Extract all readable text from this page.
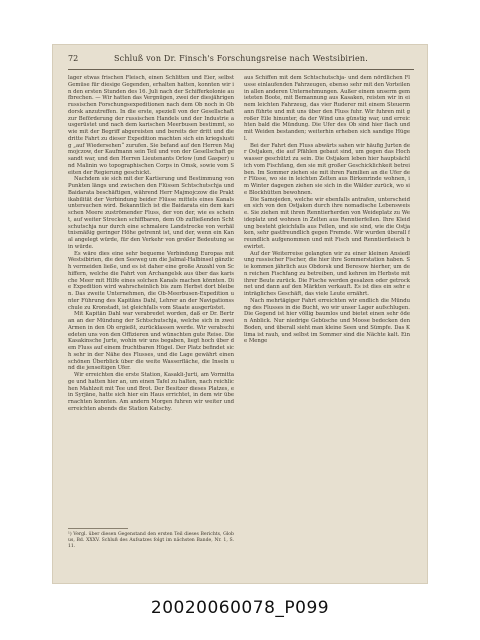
72	Schluß von Dr. Finsch's Forschungsreise nach Westsibirien.

lager etwas frischen Fleisch, einen Schlitten und Eier, selbst Gemüse für diesige Gegenden, erhalten hatten, konnten wir in den ersten Stunden des 16. Juli nach der Schifferkolonie aufbrechen. — Wir hatten das Vergnügen, zwei der diesjährigen russischen Forschungsexpeditionen nach dem Ob noch in Obdorsk anzutreffen. In die erste, speziell von der Gesellschaft zur Beförderung der russischen Handels und der Industrie ausgerüstet und nach dem karischen Meerbusen bestimmt, sowie mit der Begriff abgereisten und bereits der dritt und die dritte Fahrt zu dieser Expedition machten sich ein kriegslustig „auf Wiedersehen“ zurufen. Sie befand auf den Herren Majmojczow, der Kaufmann sein Teil und von der Gesellschaft gesandt war, und den Herren Lieutenants Orlow (und Gasper) und Malinin wo topographischen Corps in Omsk, sowie vom Seiten der Regierung geschickt.

Nachdem sie sich mit der Kartierung und Bestimmung von Punkten längs und zwischen den Flüssen Schtschutschja und Baidarata beschäftigen, während Herr Majmojczow die Praktikabilität der Verbindung beider Flüsse mittels eines Kanals untersuchen wird. Bekanntlich ist die Baidarata ein dem karischen Meere zuströmender Fluss, der von der, wie es scheint, auf weiter Strecken schiffbaren, dem Ob zufließenden Schtschutschja nur durch eine schmalere Landstrecke von verhältnismäßig geringer Höhe getrennt ist, und der, wenn ein Kanal angelegt würde, für den Verkehr von großer Bedeutung sein würde.

Es wäre dies eine sehr bequeme Verbindung Europas mit Westsibirien, die den Seeweg um die Jalmal-Halbinsel gänzlich vermeiden ließe, und es ist daher eine große Anzahl von Schiffern, welche die Fahrt von Archangelsk aus über das karische Meer mit Hilfe eines solchen Kanals machen könnten. Die Expedition wird wahrscheinlich bis zum Herbst dort bleiben. Das zweite Unternehmen, die Ob-Meerbusen-Expedition unter Führung des Kapitäns Dahl, Lehrer an der Navigationsschule zu Kronstadt, ist gleichfalls vom Staate ausgerüstet.

Mit Kapitän Dahl war verabredet worden, daß er Dr. Bertran an der Mündung der Schtschutschja, welche sich in zwei Armen in den Ob ergießt, zurücklassen werde. Wir verabschiedeten uns von den Offizieren und wünschten gute Reise. Die Kasakinsche Jurte, wohin wir uns begaben, liegt hoch über dem Fluss auf einem fruchtbaren Hügel. Der Platz befindet sich sehr in der Nähe des Flusses, und die Lage gewährt einen schönen Überblick über die weite Wasserfläche, die Inseln und die jenseitigen Ufer.

Wir erreichten die erste Station, Kasakli-Jurti, am Vormittage und hatten hier an, um einen Tafel zu halten, nach reichlichen Mahlzeit mit Tee und Brot. Der Besitzer dieses Platzes, ein Syrjäne, hatte sich hier ein Haus errichtet, in dem wir übernachten konnten. Am andern Morgen fuhren wir weiter und erreichten abends die Station Katschy.

¹) Vergl. über diesen Gegenstand den ersten Teil dieses Berichts, Globus, Bd. XXXV. Schluß des Aufsatzes folgt im nächsten Bande, Nr. 1, S. 11.

aus Schiffen mit dem Schtschutschja- und dem nördlichen Flusse einlaufenden Fahrzeugen, ebenso sehr mit den Vorteilen in allen anderen Unternehmungen. Außer einem unserm gemieteten Boote, mit Bemannung aus Kasaken, reisten wir in einem leichten Fahrzeug, das vier Ruderer mit einem Steuermann führte und mit uns über den Fluss fuhr. Wir fuhren mit großer Eile hinunter, da der Wind uns günstig war, und erreichten bald die Mündung. Die Ufer des Ob sind hier flach und mit Weiden bestanden; weiterhin erheben sich sandige Hügel.

Bei der Fahrt den Fluss abwärts sahen wir häufig Jurten der Ostjaken, die auf Pfählen gebaut sind, um gegen das Hochwasser geschützt zu sein. Die Ostjaken leben hier hauptsächlich vom Fischfang, den sie mit großer Geschicklichkeit betreiben. Im Sommer ziehen sie mit ihren Familien an die Ufer der Flüsse, wo sie in leichten Zelten aus Birkenrinde wohnen, im Winter dagegen ziehen sie sich in die Wälder zurück, wo sie Blockhütten bewohnen.

Die Samojeden, welche wir ebenfalls antrafen, unterscheiden sich von den Ostjaken durch ihre nomadische Lebensweise. Sie ziehen mit ihren Renntierherden von Weideplatz zu Weideplatz und wohnen in Zelten aus Renntierfellen. Ihre Kleidung besteht gleichfalls aus Fellen, und sie sind, wie die Ostjaken, sehr gastfreundlich gegen Fremde. Wir wurden überall freundlich aufgenommen und mit Fisch und Renntierfleisch bewirtet.

Auf der Weiterreise gelangten wir zu einer kleinen Ansiedlung russischer Fischer, die hier ihre Sommerstation haben. Sie kommen jährlich aus Obdorsk und Beresow hierher, um den reichen Fischfang zu betreiben, und kehren im Herbste mit ihrer Beute zurück. Die Fische werden gesalzen oder getrocknet und dann auf den Märkten verkauft. Es ist dies ein sehr einträgliches Geschäft, das viele Leute ernährt.

Nach mehrtägiger Fahrt erreichten wir endlich die Mündung des Flusses in die Bucht, wo wir unser Lager aufschlugen. Die Gegend ist hier völlig baumlos und bietet einen sehr öden Anblick. Nur niedrige Gebüsche und Moose bedecken den Boden, und überall sieht man kleine Seen und Sümpfe. Das Klima ist rauh, und selbst im Sommer sind die Nächte kalt. Eine Menge

20020060078_P099
